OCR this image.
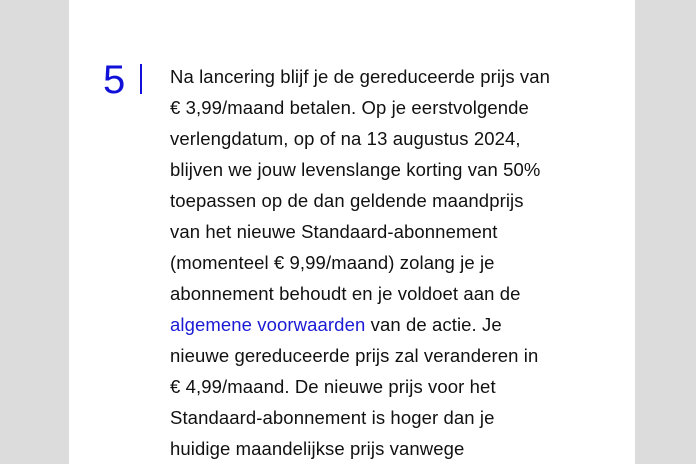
5 Na lancering blijf je de gereduceerde prijs van
€ 3,99/maand betalen. Op je eerstvolgende
verlengdatum, op of na 13 augustus 2024,
blijven we jouw levenslange korting van 50%
toepassen op de dan geldende maandprijs
van het nieuwe Standaard-abonnement
(momenteel € 9,99/maand) zolang je je
abonnement behoudt en je voldoet aan de
algemene voorwaarden van de actie. Je
nieuwe gereduceerde prijs zal veranderen in
€ 4,99/maand. De nieuwe prijs voor het
Standaard-abonnement is hoger dan je
huidige maandelijkse prijs vanwege
